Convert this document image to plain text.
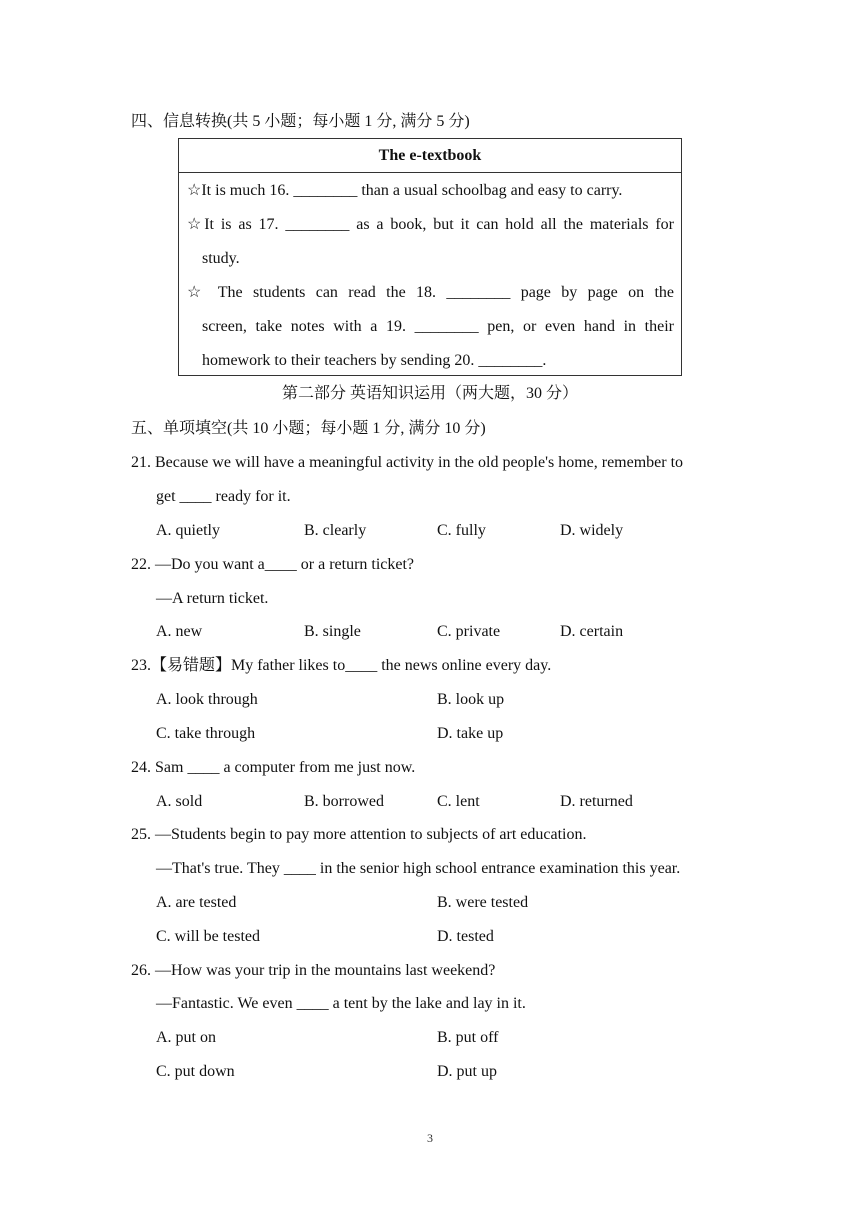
四、信息转换(共 5 小题；每小题 1 分, 满分 5 分)
The e-textbook
☆It is much 16. ________ than a usual schoolbag and easy to carry.
☆It is as 17. ________ as a book, but it can hold all the materials for
study.
☆ The students can read the 18. ________ page by page on the
screen, take notes with a 19. ________ pen, or even hand in their
homework to their teachers by sending 20. ________.
第二部分 英语知识运用（两大题，30 分）
五、单项填空(共 10 小题；每小题 1 分, 满分 10 分)
21. Because we will have a meaningful activity in the old people's home, remember to
get ____ ready for it.
A. quietly	B. clearly	C. fully	D. widely
22. —Do you want a____ or a return ticket?
—A return ticket.
A. new	B. single	C. private	D. certain
23.【易错题】My father likes to____ the news online every day.
A. look through	B. look up
C. take through	D. take up
24. Sam ____ a computer from me just now.
A. sold	B. borrowed	C. lent	D. returned
25. —Students begin to pay more attention to subjects of art education.
—That's true. They ____ in the senior high school entrance examination this year.
A. are tested	B. were tested
C. will be tested	D. tested
26. —How was your trip in the mountains last weekend?
—Fantastic. We even ____ a tent by the lake and lay in it.
A. put on	B. put off
C. put down	D. put up
3
